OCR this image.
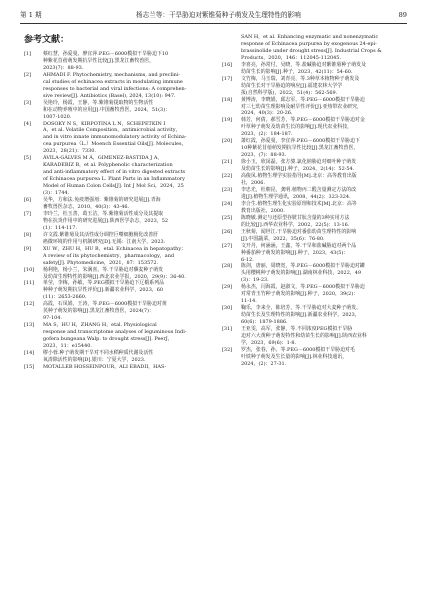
第 1 期	杨志兰等：干旱胁迫对紫锥菊种子萌发及生理特性的影响	89
参考文献：
[1]	蔡红慧，孙爱曼，廖宜萍.PEG－6000模拟干旱胁迫下10
种紫花苜蓿萌发期抗旱性比较[J].黑龙江畜牧兽医，
2023(7)：88-93.
[2]	AHMADI F. Phytochemistry, mechanisms, and preclini-
cal studies of echinacea extracts in modulating immune
responses to bacterial and viral infections: A comprehen-
sive review[J]. Antibiotics (Basel), 2024, 13(10): 947.
[3]	吴艳玲，杨霞，王静，等.紫锥菊提取物的生物活性
和在动物养殖中的应用[J].中国畜牧兽医，2024，51(3)：
1007-1020.
[4]	DOSOKY N S，KIRPOTINA L N，SCHEPETKIN I
A，et al. Volatile Composition，antimicrobial activity，
and in vitro innate immunomodulatory activity of Echina-
cea purpurea（L.）Moench Essential Oils[J]. Molecules，
2023，28(21)：7330.
[5]	ÁVILA-GÁLVES M Á，GIMENEZ-BASTIDA J A，
KARADEBIZ B，et al. Polyphenolic characterization
and anti-inflammatory effect of in vitro digested extracts
of Echinacea purpurea L. Plant Parts in an Inflammatory
Model of Human Colon Cells[J]. Int J Mol Sci，2024，25
(3)：1744.
[6]	吴华，方和法.免疫增强剂：紫锥菊的研究进展[J].青海
畜牧兽医杂志，2010，40(3)：43-46.
[7]	李玲兰，杜玉善，葛玉洁，等.紫锥菊活性成分及其提取
物在抗炎作用中的研究进展[J].陕西医学杂志，2023，52
(1)：114-117.
[8]	许文霞.紫锥菊及其活性成分调控巨噬细胞极化改善肝
癌微环境的作用与机制研究[D].无锡：江南大学，2023.
[9]	XU W，ZHU H，HU B，etal. Echinacea in hepatopathy：
A review of its phytochemistry，pharmacology，and
safety[J]. Phytomedicine，2021，87：153572.
[10]	杨利艳，杨小兰，朱满喜，等.干旱胁迫对藜麦种子萌发
及幼苗生理特性的影响[J].西北农业学报，2020，29(9)：36-40.
[11]	单莹，李梅，孙敏，等.PEG模拟干旱胁迫下辽椴系列品
种种子萌发期抗旱性评价[J].新疆农业科学，2023，60
(11)：2653-2660.
[12]	高霞，石凤娟，王涛，等.PEG－6000模拟干旱胁迫对黄
芪种子萌发的影响[J].黑龙江畜牧兽医，2024(7)：
97-104.
[13]	MA S，HU H，ZHANG H，etal. Physiological
response and transcriptome analyses of leguminous Indi-
gofera bungeana Walp. to drought stress[J]. PeerJ，
2023，11：e15440.
[14]	缪小蓉.种子萌发期干旱对不同水稻种质代谢及活性
氧清除活性的影响[D].银川：宁夏大学，2023.
[15]	MOTALLEB HOSSEINPOUR，ALI EBADII，HAS-
SAN H，et al. Enhancing enzymatic and nonenzymatic
response of Echinacea purpurea by exogenous 24-epi-
brassinolide under drought stress[J]. Industrial Crops &
Products，2020，146：112045-112045.
[16]	李喜亮，孙常付，吴晓，等.盐碱胁迫对紫锥菊种子萌发及
幼苗生长的影响[J].种子，2023，42(11)：54-60.
[17]	文竹梅，马玉瑞，刘青亮，等.3种草本植物种子萌发及
幼苗生长对干旱胁迫的响应[J].福建农林大学学
报(自然科学版)，2022，51(4)：562-569.
[18]	黄博涛，李晓娟，邱志军，等.PEG－6000模拟干旱胁迫
对三七幼苗生理影响及耐旱性评价[J].亚热带农业研究，
2024，40(3)：20-26.
[19]	韩芳，何倩，郝雪芳，等.PEG－6000模拟干旱胁迫对金
叶草种子萌发及幼苗生长的影响[J].现代农业科技，
2023，(2)：184-187.
[20]	萧红霞，孙爱曼，李宜萍.PEG－6000模拟干旱胁迫下
10种紫花苜蓿萌发期抗旱性比较[J].黑龙江畜牧兽医，
2023，(7)：88-93.
[21]	徐小玉，欣闵磊，张方骏.氯化钠胁迫对细叶种子萌发
及幼苗生长的影响[J].种子，2024，2(14)：52-54.
[22]	高俊凤.植物生理学实验指导[M].北京：高等教育出版
社，2006.
[23]	李忠光，杜朝昆，龚明.植物丙二醛含量测定方法的改
进[J].植物生理学通讯，2008，44(2)：323-324.
[24]	李合生.植物生理生化实验原理和技术[M].北京：高等
教育出版社，2000.
[25]	陈晓敏.测定与还原型谷胱甘肽含量的3种实用方法
的比较[J].西华农业科学，2002，22(5)：13-16.
[26]	王秋菊，闻世江.干旱胁迫对番茄幼苗生理特性的影响
[J].中国蔬菜，2022，35(6)：76-80.
[27]	文开丹，何涵涵，王鑫，等.干旱和盐碱胁迫对两个品
种番茄种子萌发的影响[J].种子，2023，43(5)：
6-12.
[28]	陈剑，唐丽，周晓宽，等.PEG－6000模拟干旱胁迫对罐
头用樱桃种子萌发的影响[J].湖南林业科技，2022，49
(3)：19-23.
[29]	杨永杰，闫海霞，赵淑文，等.PEG－6000模拟干旱胁迫
对常青玉竹种子萌发的影响[J].种子，2020，39(2)：
11-14.
[30]	鞠乐，李来全，陈培芳，等.干旱胁迫对大麦种子萌发、
幼苗生长及生理特性的影响[J].新疆农业科学，2023，
60(6)：1879-1886.
[31]	王亚雯，高军，张静，等.不同浓度PEG模拟干旱胁
迫对六大黄种子萌发特性和幼苗生长的影响[J].陕西农业科
学，2023，69(6)：1-8.
[32]	罗杰，张春，孙，等.PEG－6000模拟干旱胁迫对毛
叶铁种子萌发及生长量的影响[J].林业科技通讯，
2024，(2)：27-31.
